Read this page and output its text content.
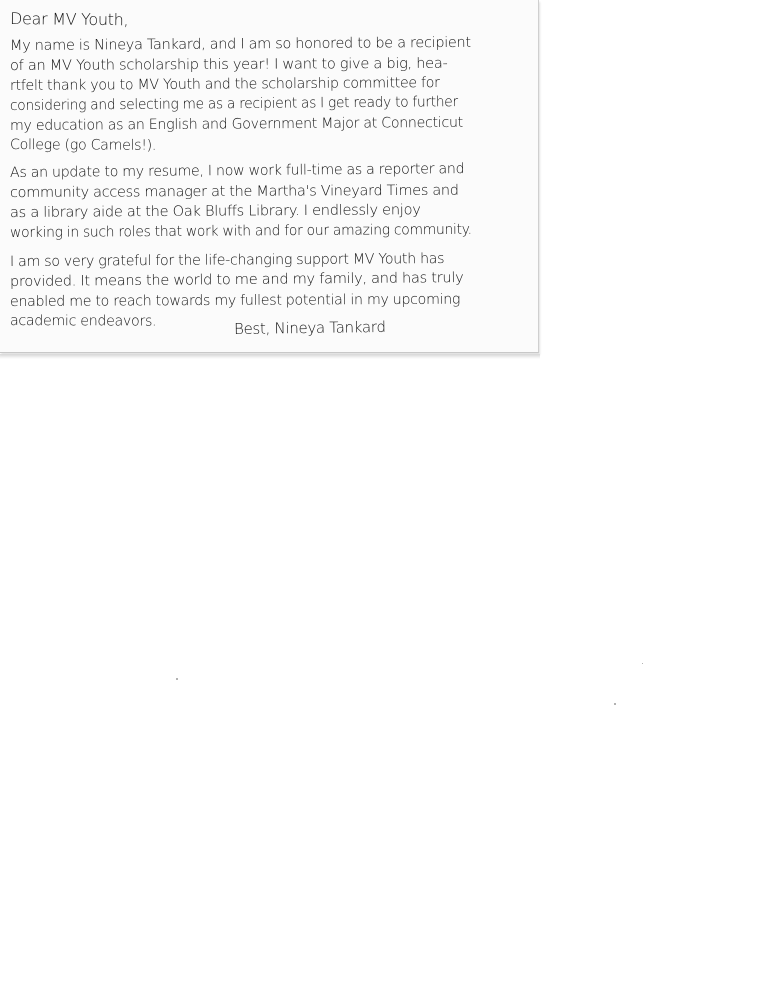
Dear MV Youth,

My name is Nineya Tankard, and I am so honored to be a recipient

of an MV Youth scholarship this year! I want to give a big, hea-

rtfelt thank you to MV Youth and the scholarship committee for

considering and selecting me as a recipient as I get ready to further

my education as an English and Government Major at Connecticut

College (go Camels!).

As an update to my resume, I now work full-time as a reporter and

community access manager at the Martha's Vineyard Times and

as a library aide at the Oak Bluffs Library. I endlessly enjoy

working in such roles that work with and for our amazing community.

I am so very grateful for the life-changing support MV Youth has

provided. It means the world to me and my family, and has truly

enabled me to reach towards my fullest potential in my upcoming

academic endeavors.	Best, Nineya Tankard
